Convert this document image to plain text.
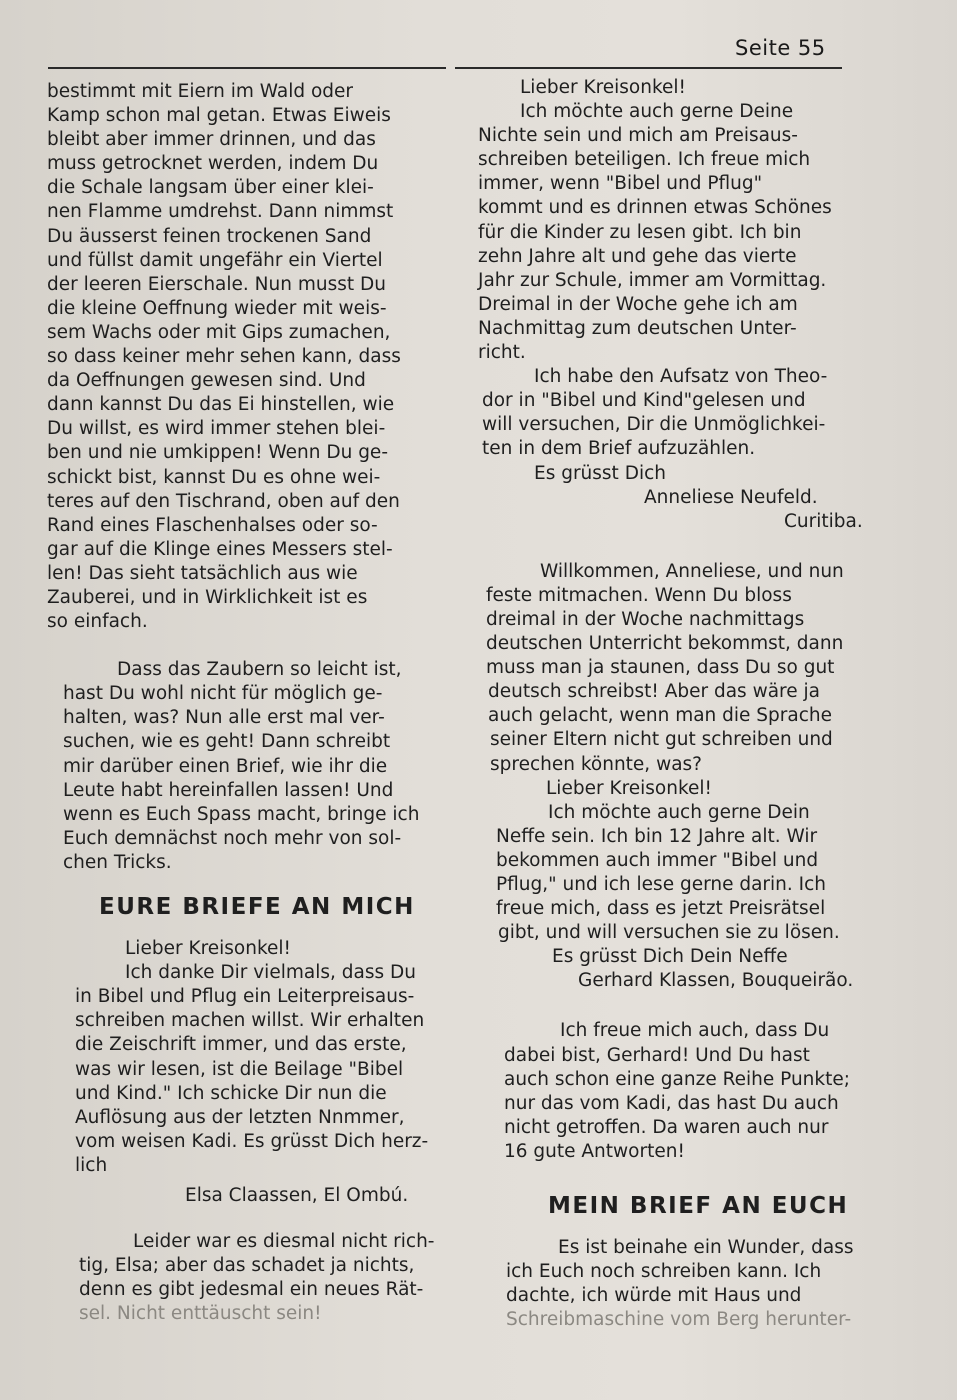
Seite 55
bestimmt mit Eiern im Wald oder
Kamp schon mal getan. Etwas Eiweis
bleibt aber immer drinnen, und das
muss getrocknet werden, indem Du
die Schale langsam über einer klei-
nen Flamme umdrehst. Dann nimmst
Du äusserst feinen trockenen Sand
und füllst damit ungefähr ein Viertel
der leeren Eierschale. Nun musst Du
die kleine Oeffnung wieder mit weis-
sem Wachs oder mit Gips zumachen,
so dass keiner mehr sehen kann, dass
da Oeffnungen gewesen sind. Und
dann kannst Du das Ei hinstellen, wie
Du willst, es wird immer stehen blei-
ben und nie umkippen! Wenn Du ge-
schickt bist, kannst Du es ohne wei-
teres auf den Tischrand, oben auf den
Rand eines Flaschenhalses oder so-
gar auf die Klinge eines Messers stel-
len! Das sieht tatsächlich aus wie
Zauberei, und in Wirklichkeit ist es
so einfach.
Dass das Zaubern so leicht ist,
hast Du wohl nicht für möglich ge-
halten, was? Nun alle erst mal ver-
suchen, wie es geht! Dann schreibt
mir darüber einen Brief, wie ihr die
Leute habt hereinfallen lassen! Und
wenn es Euch Spass macht, bringe ich
Euch demnächst noch mehr von sol-
chen Tricks.
EURE BRIEFE AN MICH
Lieber Kreisonkel!
Ich danke Dir vielmals, dass Du
in Bibel und Pflug ein Leiterpreisaus-
schreiben machen willst. Wir erhalten
die Zeischrift immer, und das erste,
was wir lesen, ist die Beilage "Bibel
und Kind." Ich schicke Dir nun die
Auflösung aus der letzten Nnmmer,
vom weisen Kadi. Es grüsst Dich herz-
lich
Elsa Claassen, El Ombú.
Leider war es diesmal nicht rich-
tig, Elsa; aber das schadet ja nichts,
denn es gibt jedesmal ein neues Rät-
sel. Nicht enttäuscht sein!
Lieber Kreisonkel!
Ich möchte auch gerne Deine
Nichte sein und mich am Preisaus-
schreiben beteiligen. Ich freue mich
immer, wenn "Bibel und Pflug"
kommt und es drinnen etwas Schönes
für die Kinder zu lesen gibt. Ich bin
zehn Jahre alt und gehe das vierte
Jahr zur Schule, immer am Vormittag.
Dreimal in der Woche gehe ich am
Nachmittag zum deutschen Unter-
richt.
Ich habe den Aufsatz von Theo-
dor in "Bibel und Kind"gelesen und
will versuchen, Dir die Unmöglichkei-
ten in dem Brief aufzuzählen.
Es grüsst Dich
Anneliese Neufeld.
Curitiba.
Willkommen, Anneliese, und nun
feste mitmachen. Wenn Du bloss
dreimal in der Woche nachmittags
deutschen Unterricht bekommst, dann
muss man ja staunen, dass Du so gut
deutsch schreibst! Aber das wäre ja
auch gelacht, wenn man die Sprache
seiner Eltern nicht gut schreiben und
sprechen könnte, was?
Lieber Kreisonkel!
Ich möchte auch gerne Dein
Neffe sein. Ich bin 12 Jahre alt. Wir
bekommen auch immer "Bibel und
Pflug," und ich lese gerne darin. Ich
freue mich, dass es jetzt Preisrätsel
gibt, und will versuchen sie zu lösen.
Es grüsst Dich Dein Neffe
Gerhard Klassen, Bouqueirão.
Ich freue mich auch, dass Du
dabei bist, Gerhard! Und Du hast
auch schon eine ganze Reihe Punkte;
nur das vom Kadi, das hast Du auch
nicht getroffen. Da waren auch nur
16 gute Antworten!
MEIN BRIEF AN EUCH
Es ist beinahe ein Wunder, dass
ich Euch noch schreiben kann. Ich
dachte, ich würde mit Haus und
Schreibmaschine vom Berg herunter-
